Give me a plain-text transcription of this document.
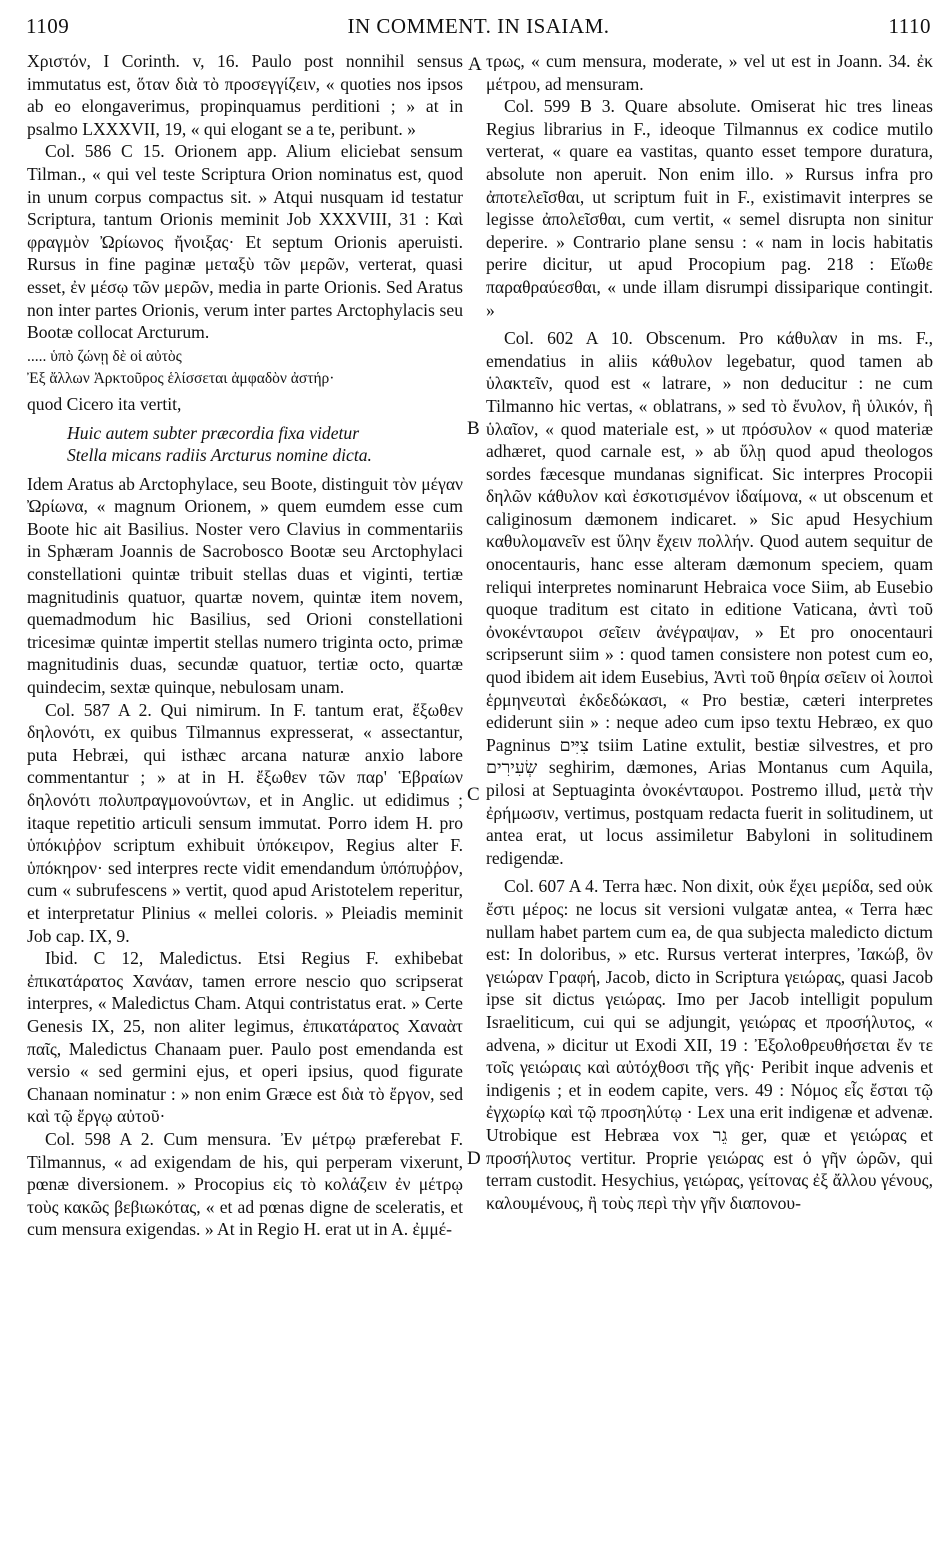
1109	IN COMMENT. IN ISAIAM.	1110
A
B
C
D

Χριστόν, I Corinth. v, 16. Paulo post nonnihil sensus immutatus est, ὅταν διὰ τὸ προσεγγίζειν, « quoties nos ipsos ab eo elongaverimus, propinquamus perditioni ; » at in psalmo LXXXVII, 19, « qui elogant se a te, peribunt. »

Col. 586 C 15. Orionem app. Alium eliciebat sensum Tilman., « qui vel teste Scriptura Orion nominatus est, quod in unum corpus compactus sit. » Atqui nusquam id testatur Scriptura, tantum Orionis meminit Job XXXVIII, 31 : Καὶ φραγμὸν Ὠρίωνος ἤνοιξας· Et septum Orionis aperuisti. Rursus in fine paginæ μεταξὺ τῶν μερῶν, verterat, quasi esset, ἐν μέσῳ τῶν μερῶν, media in parte Orionis. Sed Aratus non inter partes Orionis, verum inter partes Arctophylacis seu Bootæ collocat Arcturum.

..... ὑπὸ ζώνῃ δὲ οἱ αὐτὸς
Ἐξ ἄλλων Ἀρκτοῦρος ἑλίσσεται ἀμφαδὸν ἀστήρ·

quod Cicero ita vertit,

Huic autem subter præcordia fixa videtur
Stella micans radiis Arcturus nomine dicta.

Idem Aratus ab Arctophylace, seu Boote, distinguit τὸν μέγαν Ὠρίωνα, « magnum Orionem, » quem eumdem esse cum Boote hic ait Basilius. Noster vero Clavius in commentariis in Sphæram Joannis de Sacrobosco Bootæ seu Arctophylaci constellationi quintæ tribuit stellas duas et viginti, tertiæ magnitudinis quatuor, quartæ novem, quintæ item novem, quemadmodum hic Basilius, sed Orioni constellationi tricesimæ quintæ impertit stellas numero triginta octo, primæ magnitudinis duas, secundæ quatuor, tertiæ octo, quartæ quindecim, sextæ quinque, nebulosam unam.

Col. 587 A 2. Qui nimirum. In F. tantum erat, ἔξωθεν δηλονότι, ex quibus Tilmannus expresserat, « assectantur, puta Hebræi, qui isthæc arcana naturæ anxio labore commentantur ; » at in H. ἔξωθεν τῶν παρ' Ἑβραίων δηλονότι πολυπραγμονούντων, et in Anglic. ut edidimus ; itaque repetitio articuli sensum immutat. Porro idem H. pro ὑπόκιῤῥον scriptum exhibuit ὑπόκειρον, Regius alter F. ὑπόκηρον· sed interpres recte vidit emendandum ὑπόπυῤῥον, cum « subrufescens » vertit, quod apud Aristotelem reperitur, et interpretatur Plinius « mellei coloris. » Pleiadis meminit Job cap. IX, 9.

Ibid. C 12, Maledictus. Etsi Regius F. exhibebat ἐπικατάρατος Χανάαν, tamen errore nescio quo scripserat interpres, « Maledictus Cham. Atqui contristatus erat. » Certe Genesis IX, 25, non aliter legimus, ἐπικατάρατος Χαναὰτ παῖς, Maledictus Chanaam puer. Paulo post emendanda est versio « sed germini ejus, et operi ipsius, quod figurate Chanaan nominatur : » non enim Græce est διὰ τὸ ἔργον, sed καὶ τῷ ἔργῳ αὐτοῦ·

Col. 598 A 2. Cum mensura. Ἐν μέτρῳ præferebat F. Tilmannus, « ad exigendam de his, qui perperam vixerunt, pœnæ diversionem. » Procopius εἰς τὸ κολάζειν ἐν μέτρῳ τοὺς κακῶς βεβιωκότας, « et ad pœnas digne de sceleratis, et cum mensura exigendas. » At in Regio H. erat ut in A. ἐμμέ-

τρως, « cum mensura, moderate, » vel ut est in Joann. 34. ἐκ μέτρου, ad mensuram.

Col. 599 B 3. Quare absolute. Omiserat hic tres lineas Regius librarius in F., ideoque Tilmannus ex codice mutilo verterat, « quare ea vastitas, quanto esset tempore duratura, absolute non aperuit. Non enim illo. » Rursus infra pro ἀποτελεῖσθαι, ut scriptum fuit in F., existimavit interpres se legisse ἀπολεῖσθαι, cum vertit, « semel disrupta non sinitur deperire. » Contrario plane sensu : « nam in locis habitatis perire dicitur, ut apud Procopium pag. 218 : Εἴωθε παραθραύεσθαι, « unde illam disrumpi dissiparique contingit. »

Col. 602 A 10. Obscenum. Pro κάθυλαν in ms. F., emendatius in aliis κάθυλον legebatur, quod tamen ab ὑλακτεῖν, quod est « latrare, » non deducitur : ne cum Tilmanno hic vertas, « oblatrans, » sed τὸ ἔνυλον, ἢ ὑλικόν, ἢ ὑλαῖον, « quod materiale est, » ut πρόσυλον « quod materiæ adhæret, quod carnale est, » ab ὕλῃ quod apud theologos sordes fæcesque mundanas significat. Sic interpres Procopii δηλῶν κάθυλον καὶ ἐσκοτισμένον ἰδαίμονα, « ut obscenum et caliginosum dæmonem indicaret. » Sic apud Hesychium καθυλομανεῖν est ὕλην ἔχειν πολλήν. Quod autem sequitur de onocentauris, hanc esse alteram dæmonum speciem, quam reliqui interpretes nominarunt Hebraica voce Siim, ab Eusebio quoque traditum est citato in editione Vaticana, ἀντὶ τοῦ ὀνοκένταυροι σεῖειν ἀνέγραψαν, » Et pro onocentauri scripserunt siim » : quod tamen consistere non potest cum eo, quod ibidem ait idem Eusebius, Ἀντὶ τοῦ θηρία σεῖειν οἱ λοιποὶ ἑρμηνευταὶ ἐκδεδώκασι, « Pro bestiæ, cæteri interpretes ediderunt siin » : neque adeo cum ipso textu Hebræo, ex quo Pagninus צִיִּים tsiim Latine extulit, bestiæ silvestres, et pro שְׂעִירִים seghirim, dæmones, Arias Montanus cum Aquila, pilosi at Septuaginta ὀνοκένταυροι. Postremo illud, μετὰ τὴν ἐρήμωσιν, vertimus, postquam redacta fuerit in solitudinem, ut antea erat, ut locus assimiletur Babyloni in solitudinem redigendæ.

Col. 607 A 4. Terra hæc. Non dixit, οὐκ ἔχει μερίδα, sed οὐκ ἔστι μέρος: ne locus sit versioni vulgatæ antea, « Terra hæc nullam habet partem cum ea, de qua subjecta maledicto dictum est: In doloribus, » etc. Rursus verterat interpres, Ἰακώβ, ὃν γειώραν Γραφή, Jacob, dicto in Scriptura γειώρας, quasi Jacob ipse sit dictus γειώρας. Imo per Jacob intelligit populum Israeliticum, cui qui se adjungit, γειώρας et προσήλυτος, « advena, » dicitur ut Exodi XII, 19 : Ἐξολοθρευθήσεται ἔν τε τοῖς γειώραις καὶ αὐτόχθοσι τῆς γῆς· Peribit inque advenis et indigenis ; et in eodem capite, vers. 49 : Νόμος εἷς ἔσται τῷ ἐγχωρίῳ καὶ τῷ προσηλύτῳ · Lex una erit indigenæ et advenæ. Utrobique est Hebræa vox גֵר ger, quæ et γειώρας et προσήλυτος vertitur. Proprie γειώρας est ὁ γῆν ὡρῶν, qui terram custodit. Hesychius, γειώρας, γείτονας ἐξ ἄλλου γένους, καλουμένους, ἢ τοὺς περὶ τὴν γῆν διαπονου-
